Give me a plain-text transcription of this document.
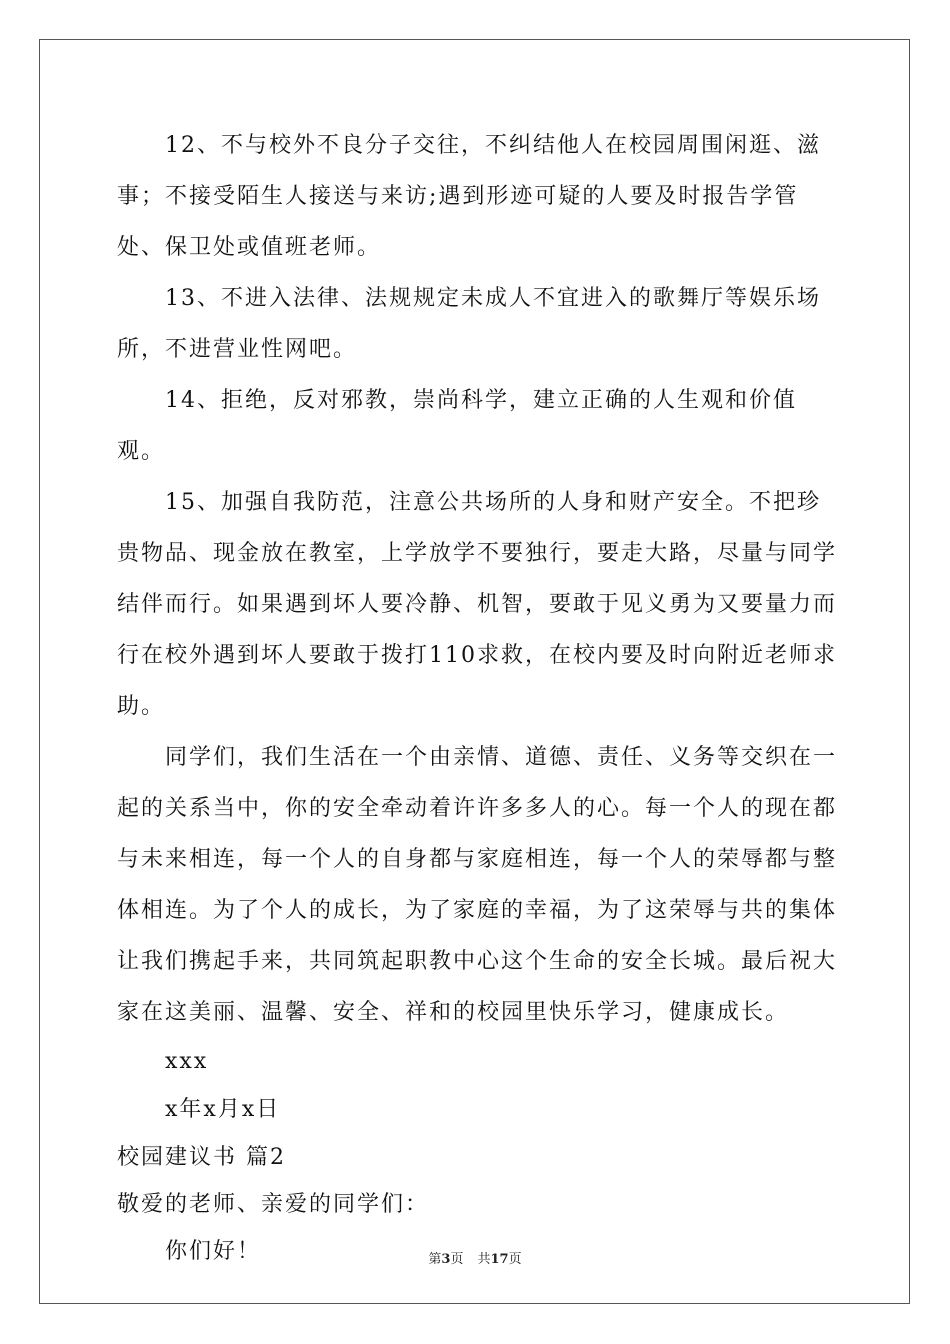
12、不与校外不良分子交往，不纠结他人在校园周围闲逛、滋事；不接受陌生人接送与来访;遇到形迹可疑的人要及时报告学管处、保卫处或值班老师。

13、不进入法律、法规规定未成人不宜进入的歌舞厅等娱乐场所，不进营业性网吧。

14、拒绝，反对邪教，崇尚科学，建立正确的人生观和价值观。

15、加强自我防范，注意公共场所的人身和财产安全。不把珍贵物品、现金放在教室，上学放学不要独行，要走大路，尽量与同学结伴而行。如果遇到坏人要冷静、机智，要敢于见义勇为又要量力而行在校外遇到坏人要敢于拨打110求救，在校内要及时向附近老师求助。

同学们，我们生活在一个由亲情、道德、责任、义务等交织在一起的关系当中，你的安全牵动着许许多多人的心。每一个人的现在都与未来相连，每一个人的自身都与家庭相连，每一个人的荣辱都与整体相连。为了个人的成长，为了家庭的幸福，为了这荣辱与共的集体让我们携起手来，共同筑起职教中心这个生命的安全长城。最后祝大家在这美丽、温馨、安全、祥和的校园里快乐学习，健康成长。

xxx

x年x月x日

校园建议书 篇2

敬爱的老师、亲爱的同学们：

你们好！	第3页 共17页
